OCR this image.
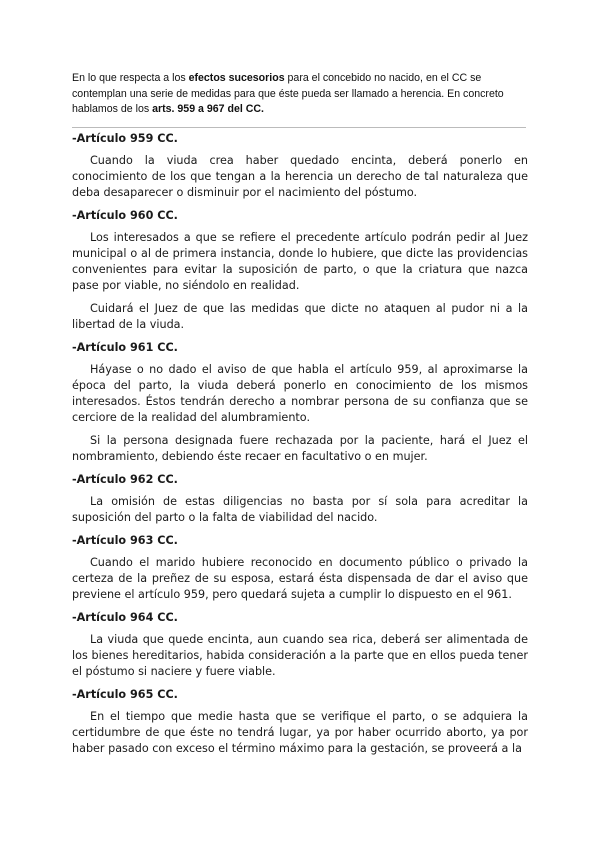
En lo que respecta a los efectos sucesorios para el concebido no nacido, en el CC se contemplan una serie de medidas para que éste pueda ser llamado a herencia. En concreto hablamos de los arts. 959 a 967 del CC.

-Artículo 959 CC.

Cuando la viuda crea haber quedado encinta, deberá ponerlo en conocimiento de los que tengan a la herencia un derecho de tal naturaleza que deba desaparecer o disminuir por el nacimiento del póstumo.

-Artículo 960 CC.

Los interesados a que se refiere el precedente artículo podrán pedir al Juez municipal o al de primera instancia, donde lo hubiere, que dicte las providencias convenientes para evitar la suposición de parto, o que la criatura que nazca pase por viable, no siéndolo en realidad.

Cuidará el Juez de que las medidas que dicte no ataquen al pudor ni a la libertad de la viuda.

-Artículo 961 CC.

Háyase o no dado el aviso de que habla el artículo 959, al aproximarse la época del parto, la viuda deberá ponerlo en conocimiento de los mismos interesados. Éstos tendrán derecho a nombrar persona de su confianza que se cerciore de la realidad del alumbramiento.

Si la persona designada fuere rechazada por la paciente, hará el Juez el nombramiento, debiendo éste recaer en facultativo o en mujer.

-Artículo 962 CC.

La omisión de estas diligencias no basta por sí sola para acreditar la suposición del parto o la falta de viabilidad del nacido.

-Artículo 963 CC.

Cuando el marido hubiere reconocido en documento público o privado la certeza de la preñez de su esposa, estará ésta dispensada de dar el aviso que previene el artículo 959, pero quedará sujeta a cumplir lo dispuesto en el 961.

-Artículo 964 CC.

La viuda que quede encinta, aun cuando sea rica, deberá ser alimentada de los bienes hereditarios, habida consideración a la parte que en ellos pueda tener el póstumo si naciere y fuere viable.

-Artículo 965 CC.

En el tiempo que medie hasta que se verifique el parto, o se adquiera la certidumbre de que éste no tendrá lugar, ya por haber ocurrido aborto, ya por haber pasado con exceso el término máximo para la gestación, se proveerá a la
